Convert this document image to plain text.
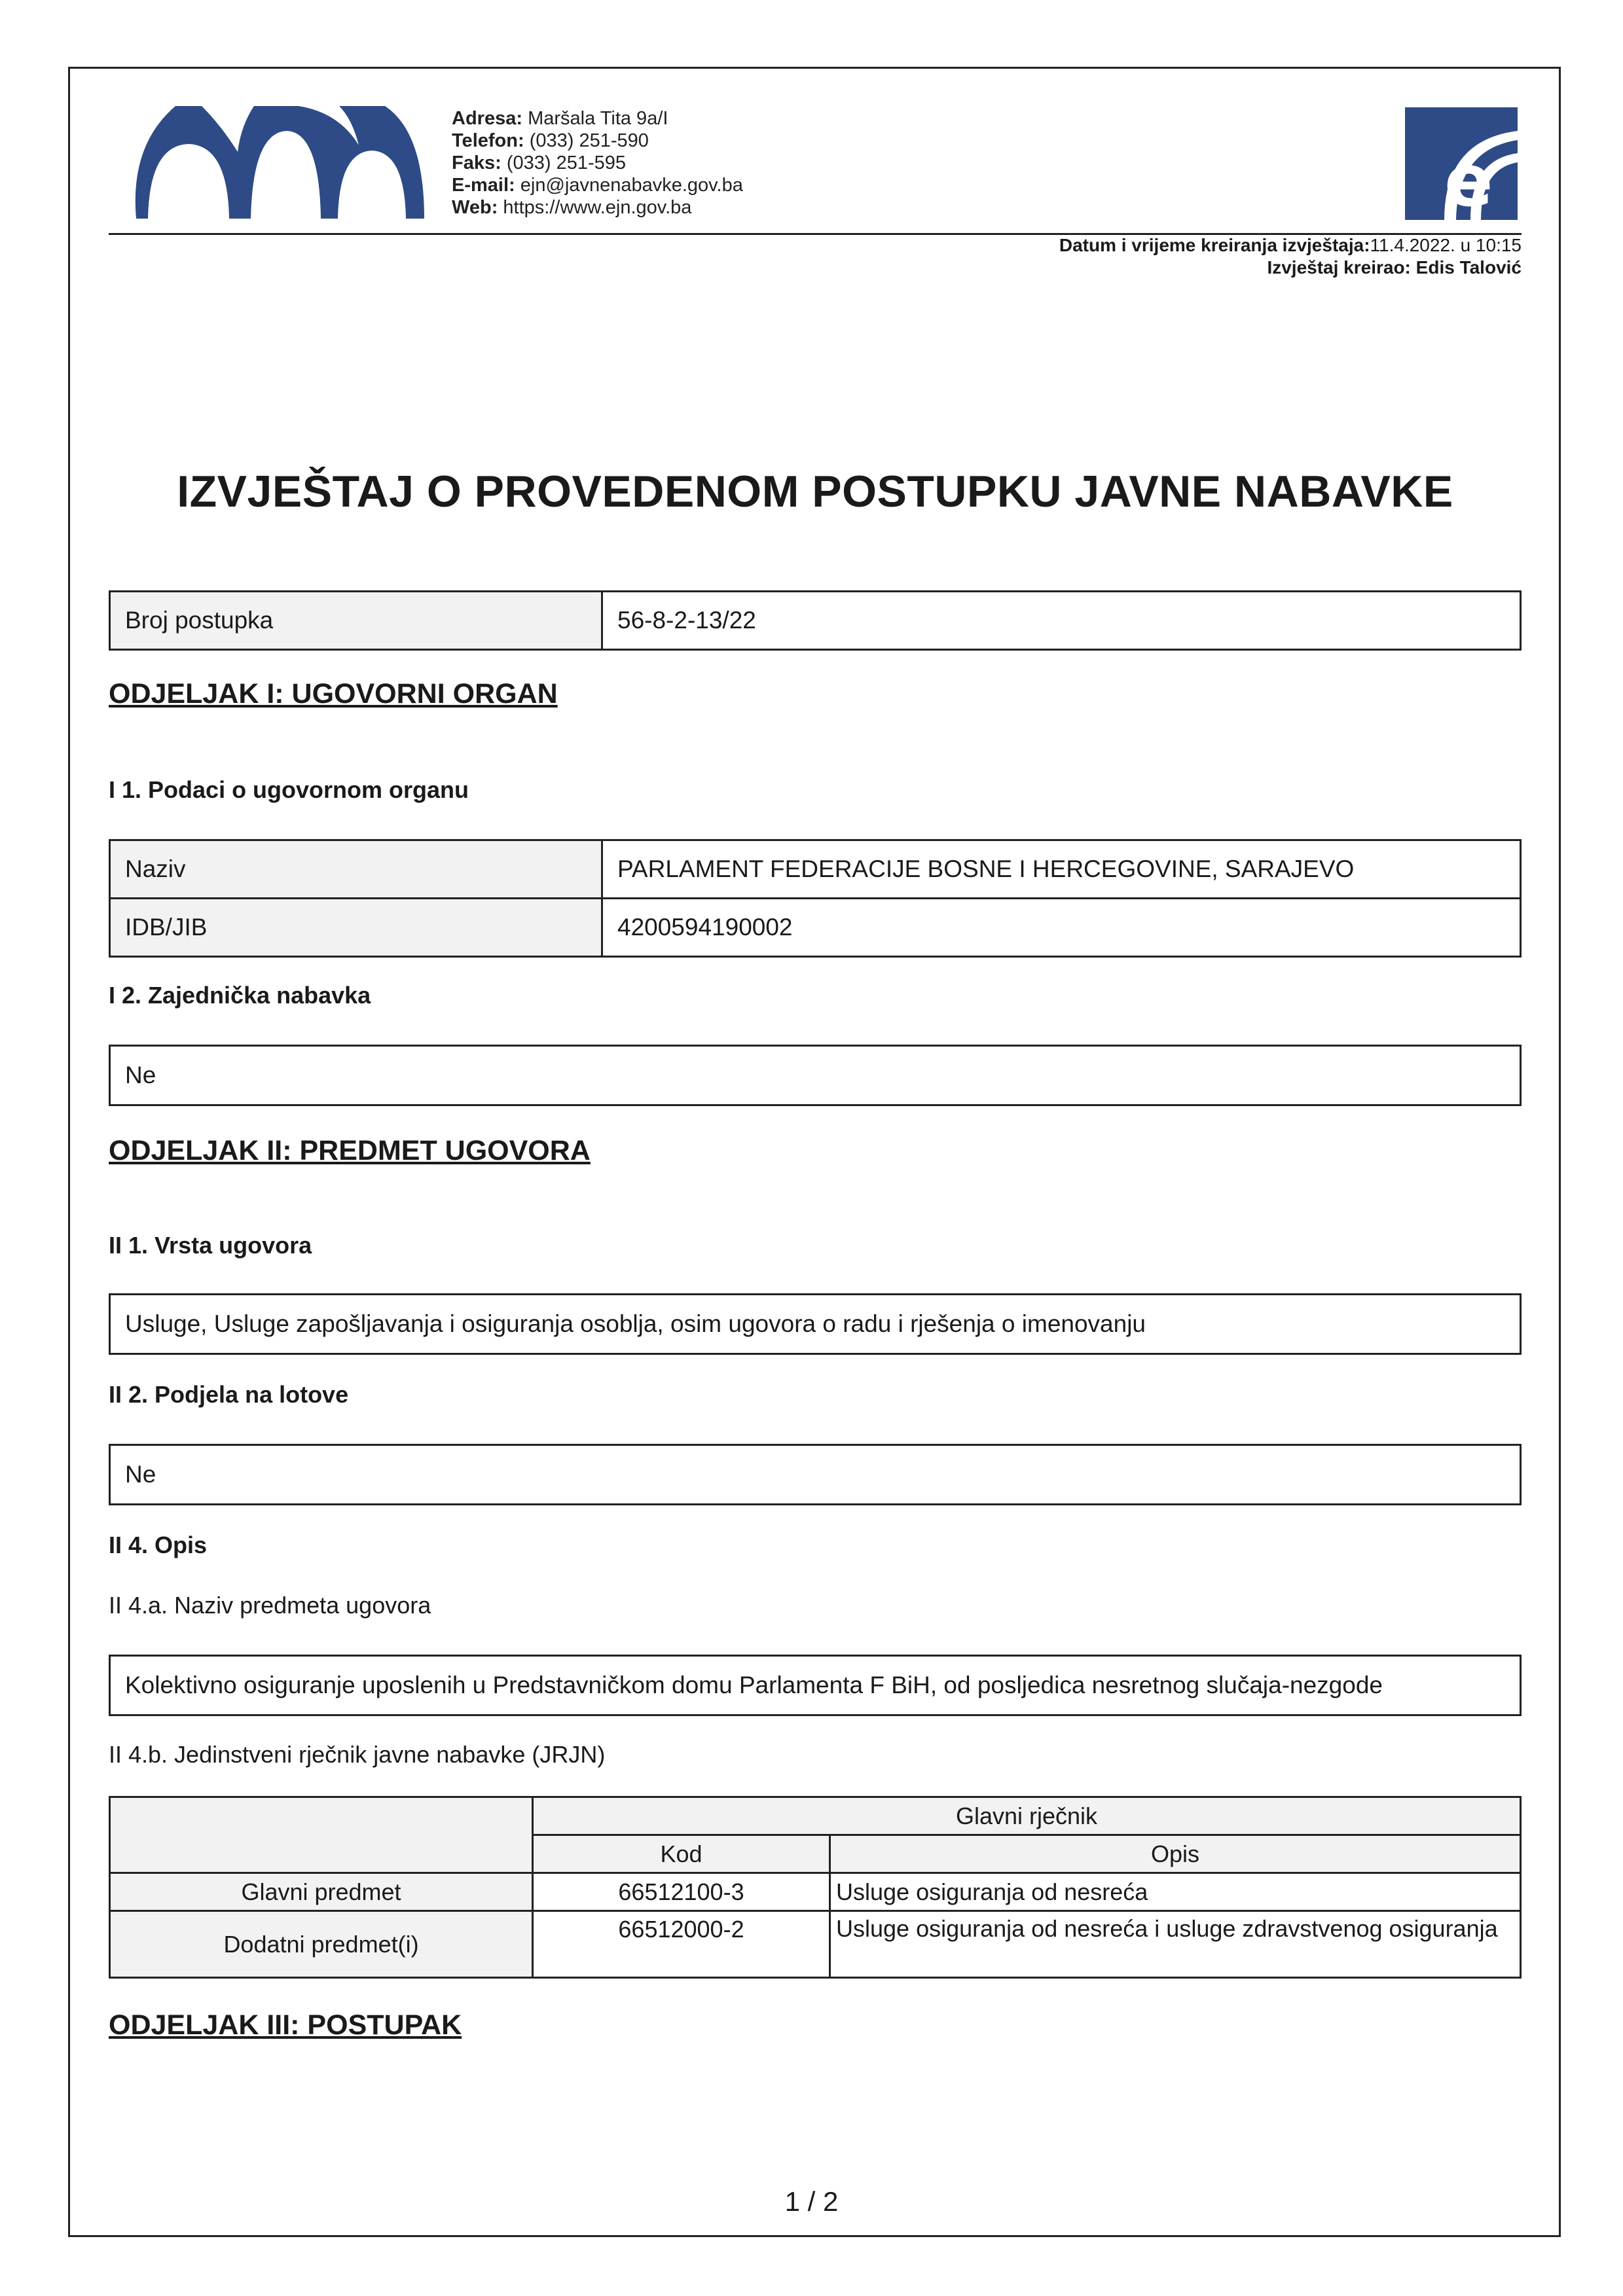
Adresa: Maršala Tita 9a/I
Telefon: (033) 251-590
Faks: (033) 251-595
E-mail: ejn@javnenabavke.gov.ba
Web: https://www.ejn.gov.ba	e
Datum i vrijeme kreiranja izvještaja:11.4.2022. u 10:15
Izvještaj kreirao: Edis Talović
IZVJEŠTAJ O PROVEDENOM POSTUPKU JAVNE NABAVKE
Broj postupka	56-8-2-13/22
ODJELJAK I: UGOVORNI ORGAN
I 1. Podaci o ugovornom organu
Naziv	PARLAMENT FEDERACIJE BOSNE I HERCEGOVINE, SARAJEVO
IDB/JIB	4200594190002
I 2. Zajednička nabavka
Ne
ODJELJAK II: PREDMET UGOVORA
II 1. Vrsta ugovora
Usluge, Usluge zapošljavanja i osiguranja osoblja, osim ugovora o radu i rješenja o imenovanju
II 2. Podjela na lotove
Ne
II 4. Opis
II 4.a. Naziv predmeta ugovora
Kolektivno osiguranje uposlenih u Predstavničkom domu Parlamenta F BiH, od posljedica nesretnog slučaja-nezgode
II 4.b. Jedinstveni rječnik javne nabavke (JRJN)
	Glavni rječnik	
	Kod	Opis
Glavni predmet	66512100-3	Usluge osiguranja od nesreća
Dodatni predmet(i)	66512000-2	Usluge osiguranja od nesreća i usluge zdravstvenog osiguranja
ODJELJAK III: POSTUPAK
1 / 2
